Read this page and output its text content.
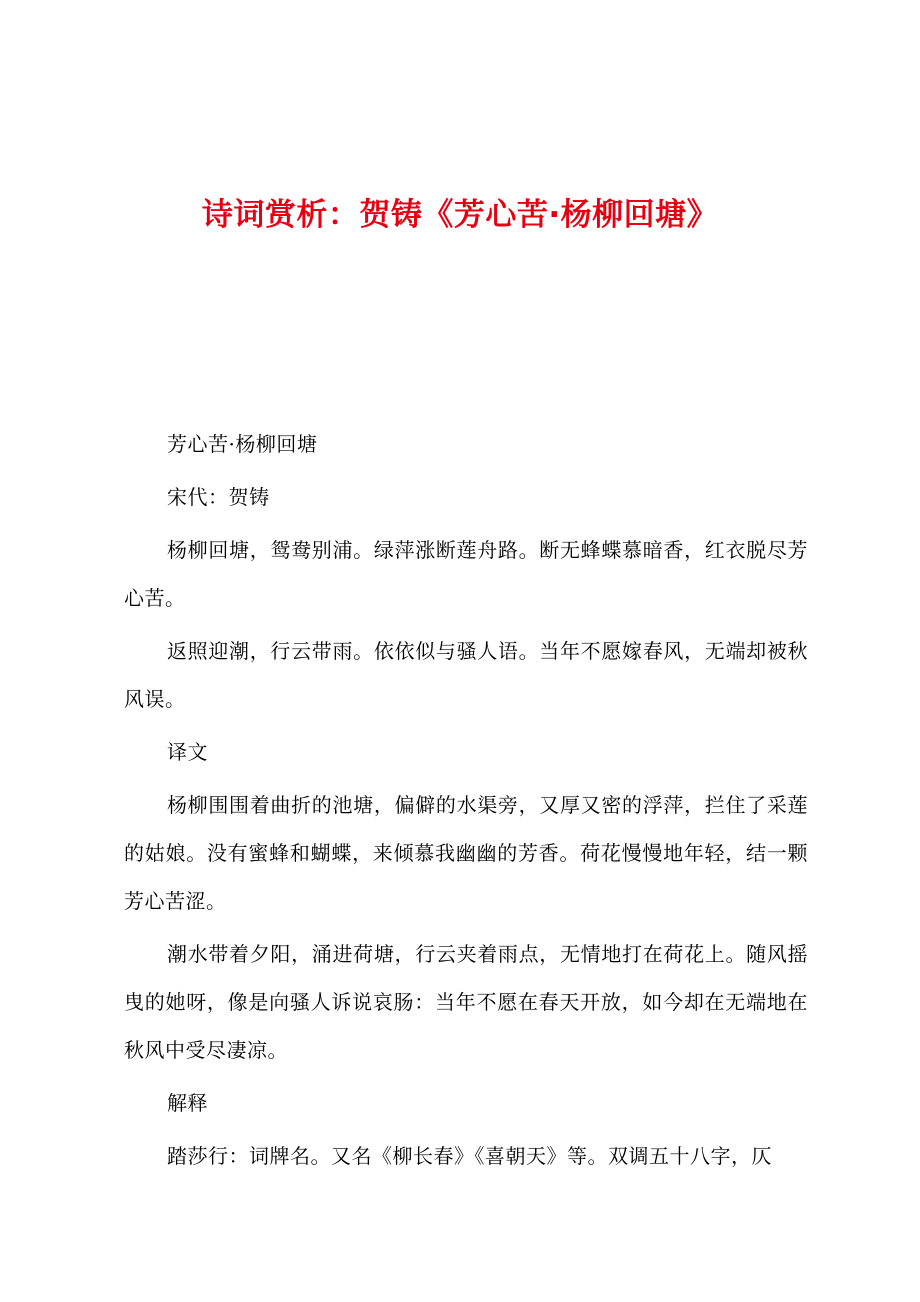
诗词赏析：贺铸《芳心苦·杨柳回塘》

芳心苦·杨柳回塘

宋代：贺铸

杨柳回塘，鸳鸯别浦。绿萍涨断莲舟路。断无蜂蝶慕暗香，红衣脱尽芳心苦。

返照迎潮，行云带雨。依依似与骚人语。当年不愿嫁春风，无端却被秋风误。

译文

杨柳围围着曲折的池塘，偏僻的水渠旁，又厚又密的浮萍，拦住了采莲的姑娘。没有蜜蜂和蝴蝶，来倾慕我幽幽的芳香。荷花慢慢地年轻，结一颗芳心苦涩。

潮水带着夕阳，涌进荷塘，行云夹着雨点，无情地打在荷花上。随风摇曳的她呀，像是向骚人诉说哀肠：当年不愿在春天开放，如今却在无端地在秋风中受尽凄凉。

解释

踏莎行：词牌名。又名《柳长春》《喜朝天》等。双调五十八字，仄
